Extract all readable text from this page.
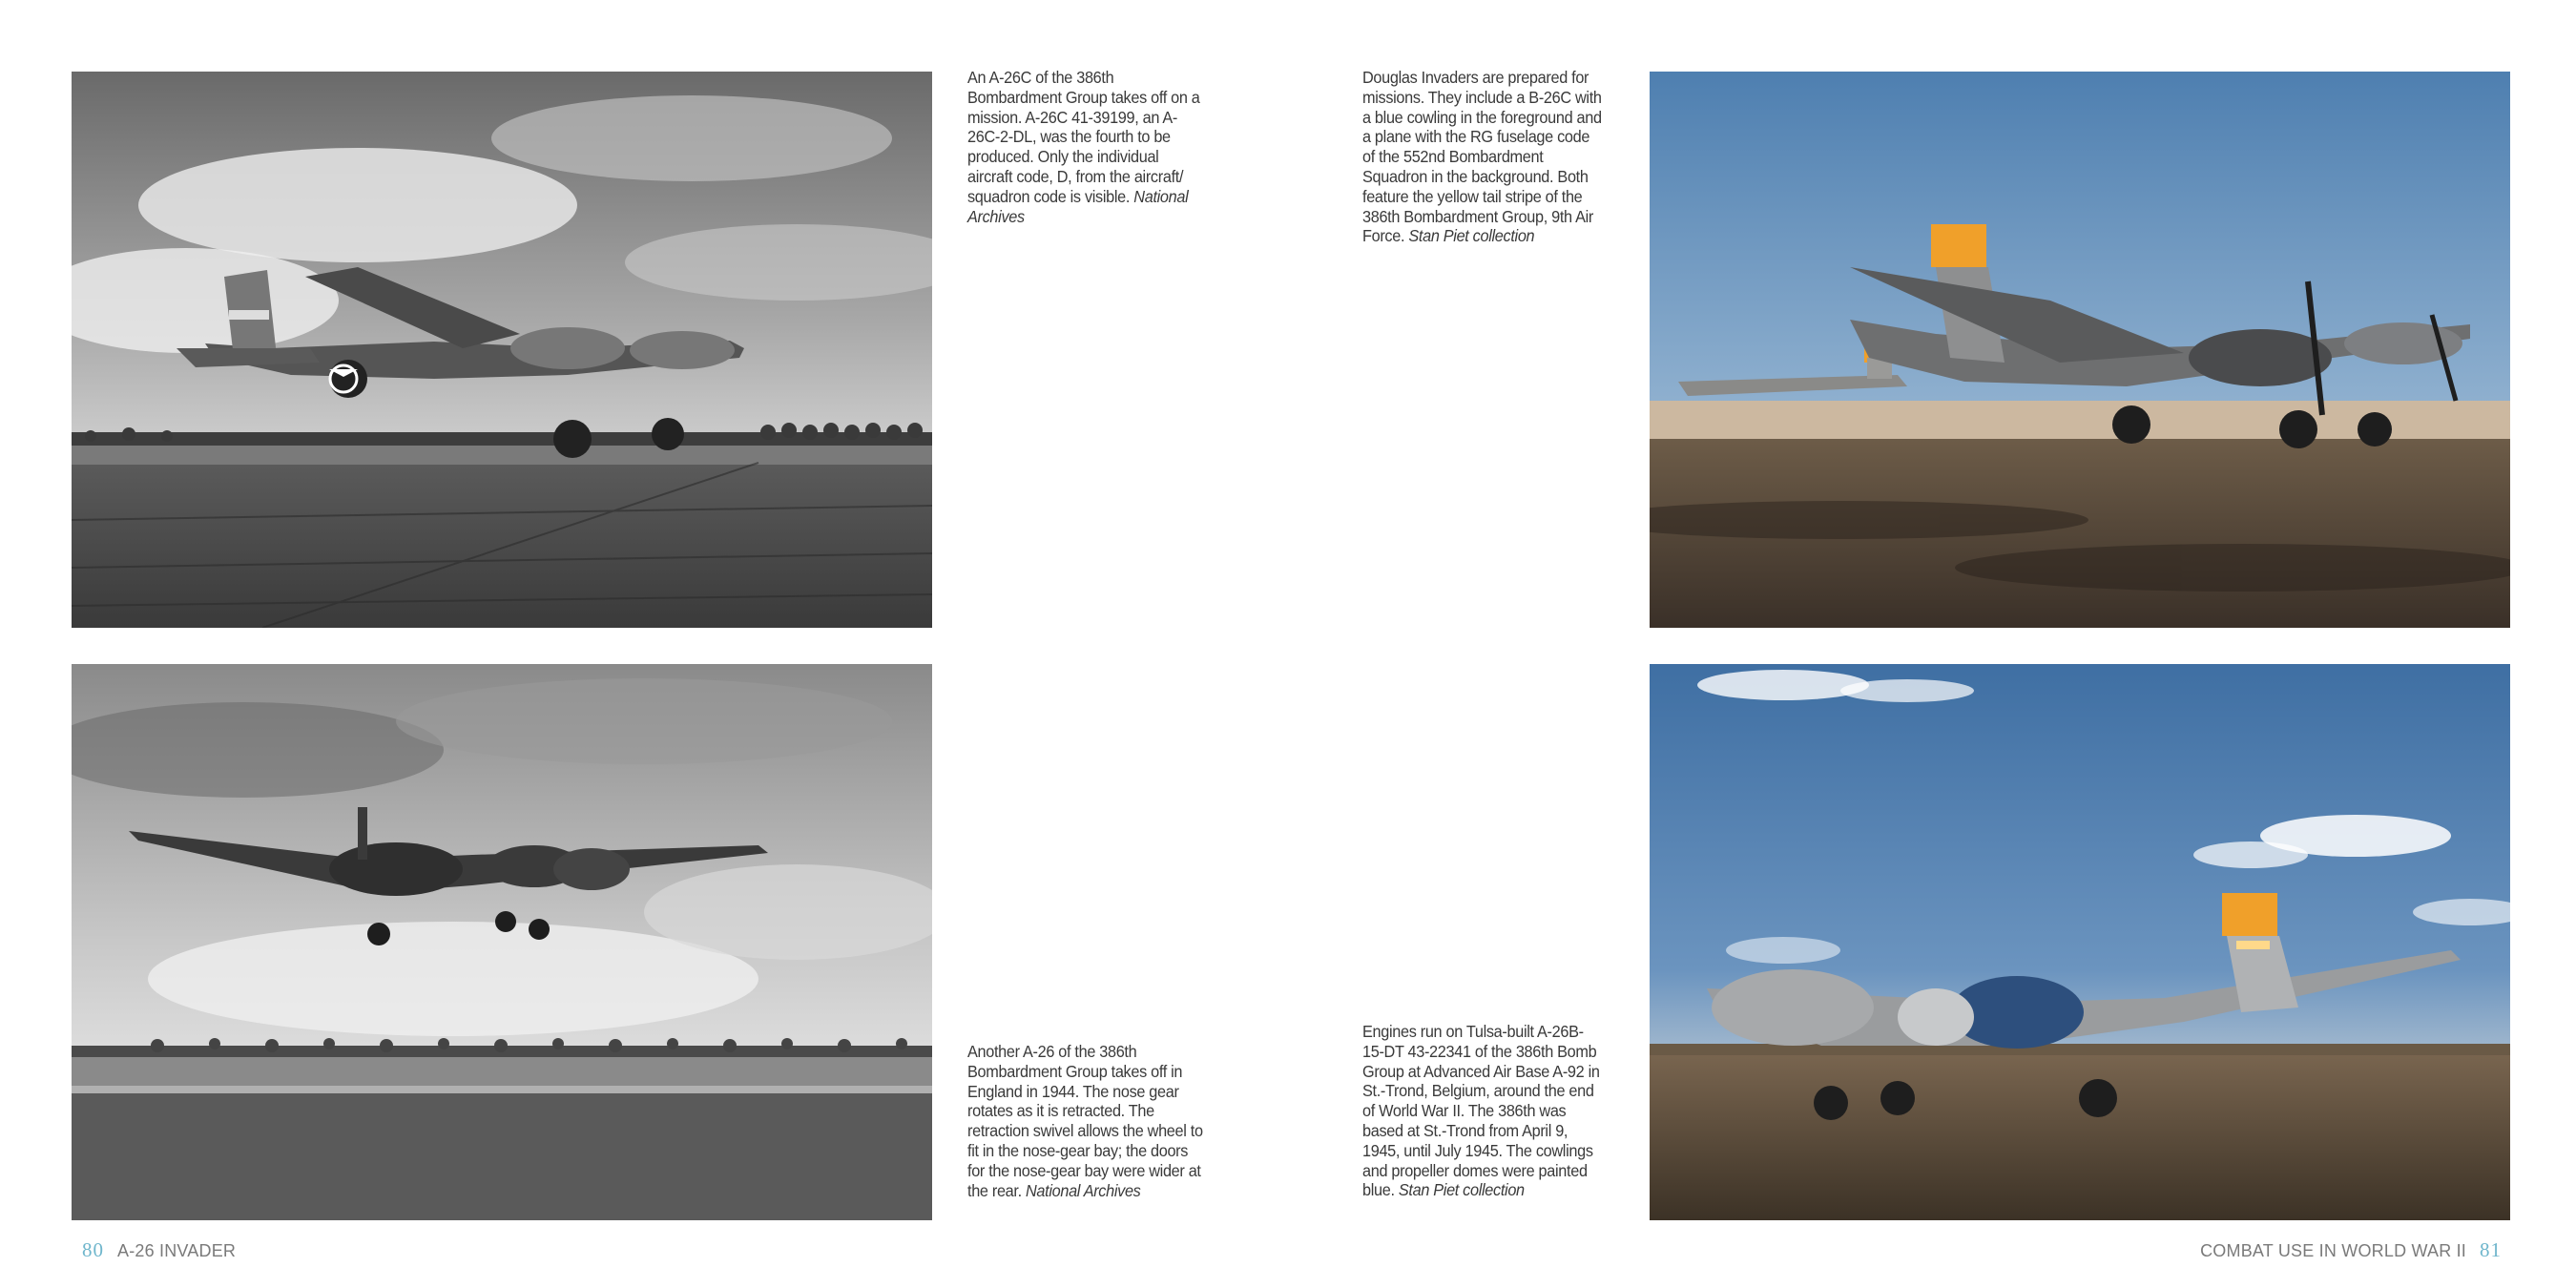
An A-26C of the 386th Bombardment Group takes off on a mission. A-26C 41-39199, an A-26C-2-DL, was the fourth to be produced. Only the individual aircraft code, D, from the aircraft/ squadron code is visible. National Archives
Another A-26 of the 386th Bombardment Group takes off in England in 1944. The nose gear rotates as it is retracted. The retraction swivel allows the wheel to fit in the nose-gear bay; the doors for the nose-gear bay were wider at the rear. National Archives
Douglas Invaders are prepared for missions. They include a B-26C with a blue cowling in the foreground and a plane with the RG fuselage code of the 552nd Bombardment Squadron in the background. Both feature the yellow tail stripe of the 386th Bombardment Group, 9th Air Force. Stan Piet collection
Engines run on Tulsa-built A-26B-15-DT 43-22341 of the 386th Bomb Group at Advanced Air Base A-92 in St.-Trond, Belgium, around the end of World War II. The 386th was based at St.-Trond from April 9, 1945, until July 1945. The cowlings and propeller domes were painted blue. Stan Piet collection
80 A-26 INVADER	COMBAT USE IN WORLD WAR II 81
